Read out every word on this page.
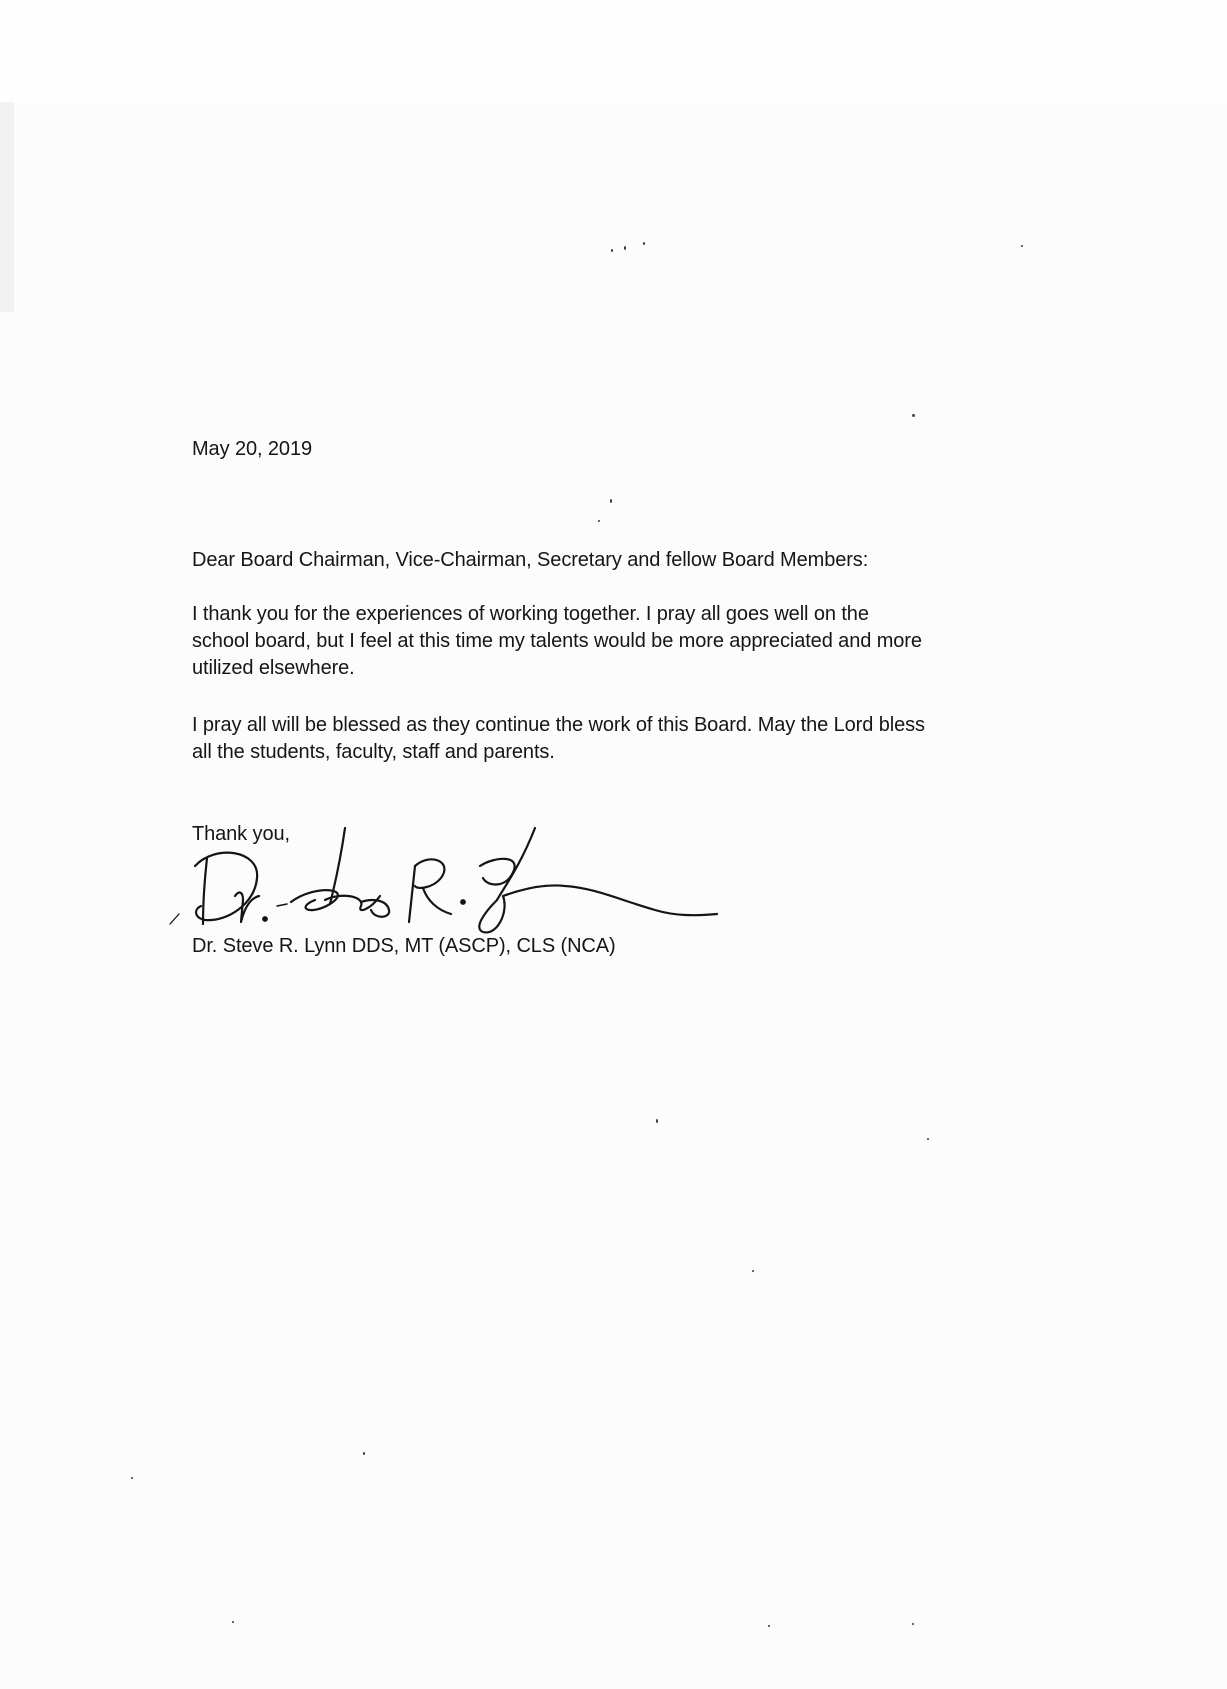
May 20, 2019
Dear Board Chairman, Vice-Chairman, Secretary and fellow Board Members:
I thank you for the experiences of working together. I pray all goes well on the
school board, but I feel at this time my talents would be more appreciated and more
utilized elsewhere.
I pray all will be blessed as they continue the work of this Board. May the Lord bless
all the students, faculty, staff and parents.
Thank you,
Dr. Steve R. Lynn DDS, MT (ASCP), CLS (NCA)
